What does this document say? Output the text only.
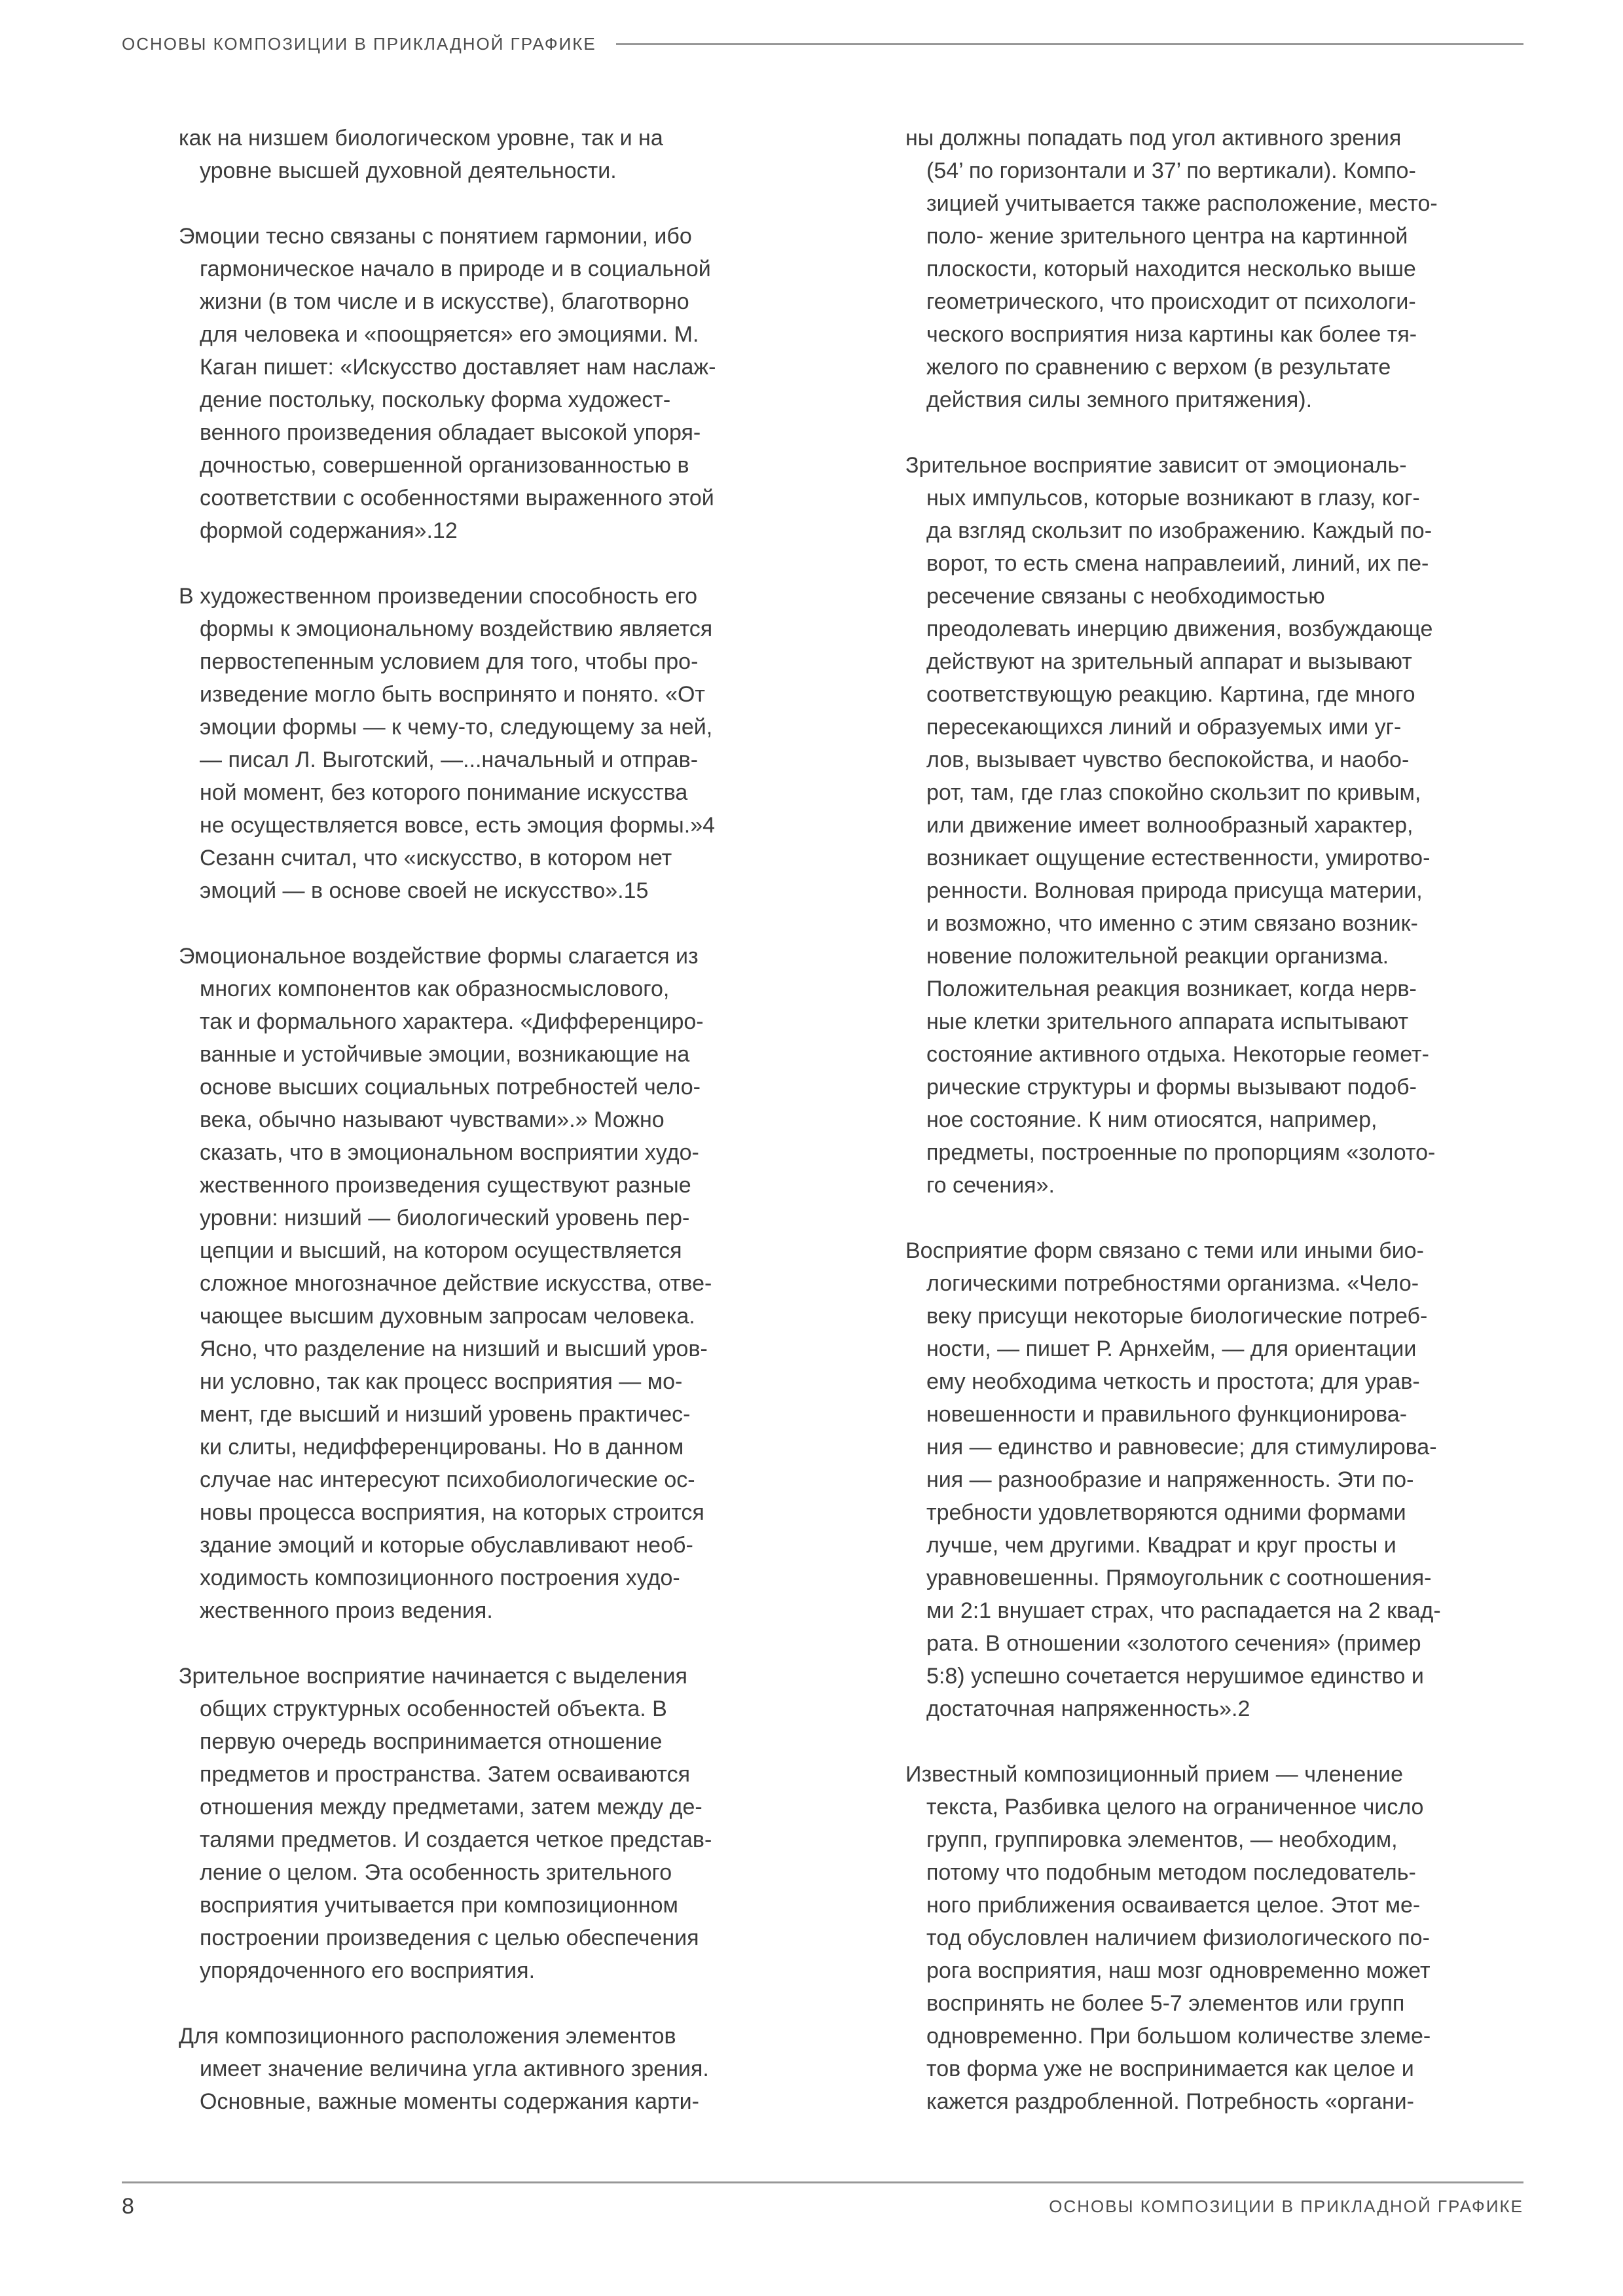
ОСНОВЫ КОМПОЗИЦИИ В ПРИКЛАДНОЙ ГРАФИКЕ

как на низшем биологическом уровне, так и на
уровне высшей духовной деятельности.

Эмоции тесно связаны с понятием гармонии, ибо
гармоническое начало в природе и в социальной
жизни (в том числе и в искусстве), благотворно
для человека и «поощряется» его эмоциями. М.
Каган пишет: «Искусство доставляет нам наслаж-
дение постольку, поскольку форма художест-
венного произведения обладает высокой упоря-
дочностью, совершенной организованностью в
соответствии с особенностями выраженного этой
формой содержания».12

В художественном произведении способность его
формы к эмоциональному воздействию является
первостепенным условием для того, чтобы про-
изведение могло быть воспринято и понято. «От
эмоции формы — к чему-то, следующему за ней,
— писал Л. Выготский, —...начальный и отправ-
ной момент, без которого понимание искусства
не осуществляется вовсе, есть эмоция формы.»4
Сезанн считал, что «искусство, в котором нет
эмоций — в основе своей не искусство».15

Эмоциональное воздействие формы слагается из
многих компонентов как образносмыслового,
так и формального характера. «Дифференциро-
ванные и устойчивые эмоции, возникающие на
основе высших социальных потребностей чело-
века, обычно называют чувствами».» Можно
сказать, что в эмоциональном восприятии худо-
жественного произведения существуют разные
уровни: низший — биологический уровень пер-
цепции и высший, на котором осуществляется
сложное многозначное действие искусства, отве-
чающее высшим духовным запросам человека.
Ясно, что разделение на низший и высший уров-
ни условно, так как процесс восприятия — мо-
мент, где высший и низший уровень практичес-
ки слиты, недифференцированы. Но в данном
случае нас интересуют психобиологические ос-
новы процесса восприятия, на которых строится
здание эмоций и которые обуславливают необ-
ходимость композиционного построения худо-
жественного произ ведения.

Зрительное восприятие начинается с выделения
общих структурных особенностей объекта. В
первую очередь воспринимается отношение
предметов и пространства. Затем осваиваются
отношения между предметами, затем между де-
талями предметов. И создается четкое представ-
ление о целом. Эта особенность зрительного
восприятия учитывается при композиционном
построении произведения с целью обеспечения
упорядоченного его восприятия.

Для композиционного расположения элементов
имеет значение величина угла активного зрения.
Основные, важные моменты содержания карти-

ны должны попадать под угол активного зрения
(54’ по горизонтали и 37’ по вертикали). Компо-
зицией учитывается также расположение, место-
поло- жение зрительного центра на картинной
плоскости, который находится несколько выше
геометрического, что происходит от психологи-
ческого восприятия низа картины как более тя-
желого по сравнению с верхом (в результате
действия силы земного притяжения).

Зрительное восприятие зависит от эмоциональ-
ных импульсов, которые возникают в глазу, ког-
да взгляд скользит по изображению. Каждый по-
ворот, то есть смена направлеиий, линий, их пе-
ресечение связаны с необходимостью
преодолевать инерцию движения, возбуждающе
действуют на зрительный аппарат и вызывают
соответствующую реакцию. Картина, где много
пересекающихся линий и образуемых ими уг-
лов, вызывает чувство беспокойства, и наобо-
рот, там, где глаз спокойно скользит по кривым,
или движение имеет волнообразный характер,
возникает ощущение естественности, умиротво-
ренности. Волновая природа присуща материи,
и возможно, что именно с этим связано возник-
новение положительной реакции организма.
Положительная реакция возникает, когда нерв-
ные клетки зрительного аппарата испытывают
состояние активного отдыха. Некоторые геомет-
рические структуры и формы вызывают подоб-
ное состояние. К ним отиосятся, например,
предметы, построенные по пропорциям «золото-
го сечения».

Восприятие форм связано с теми или иными био-
логическими потребностями организма. «Чело-
веку присущи некоторые биологические потреб-
ности, — пишет Р. Арнхейм, — для ориентации
ему необходима четкость и простота; для урав-
новешенности и правильного функционирова-
ния — единство и равновесие; для стимулирова-
ния — разнообразие и напряженность. Эти по-
требности удовлетворяются одними формами
лучше, чем другими. Квадрат и круг просты и
уравновешенны. Прямоугольник с соотношения-
ми 2:1 внушает страх, что распадается на 2 квад-
рата. В отношении «золотого сечения» (пример
5:8) успешно сочетается нерушимое единство и
достаточная напряженность».2

Известный композиционный прием — членение
текста, Разбивка целого на ограниченное число
групп, группировка элементов, — необходим,
потому что подобным методом последователь-
ного приближения осваивается целое. Этот ме-
тод обусловлен наличием физиологического по-
рога восприятия, наш мозг одновременно может
воспринять не более 5-7 элементов или групп
одновременно. При большом количестве злеме-
тов форма уже не воспринимается как целое и
кажется раздробленной. Потребность «органи-

8	ОСНОВЫ КОМПОЗИЦИИ В ПРИКЛАДНОЙ ГРАФИКЕ
